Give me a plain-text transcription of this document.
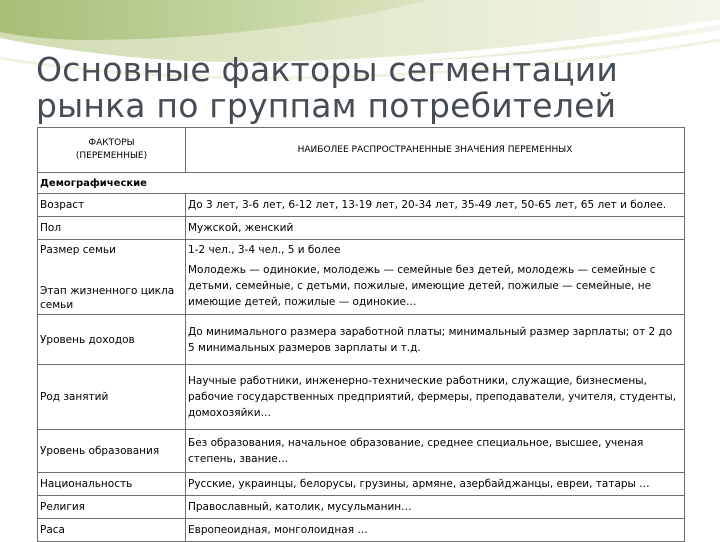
Основные факторы сегментации
рынка по группам потребителей
ФАКТОРЫ
(ПЕРЕМЕННЫЕ)	НАИБОЛЕЕ РАСПРОСТРАНЕННЫЕ ЗНАЧЕНИЯ ПЕРЕМЕННЫХ
Демографические	
Возраст	До 3 лет, 3-6 лет, 6-12 лет, 13-19 лет, 20-34 лет, 35-49 лет, 50-65 лет, 65 лет и более.
Пол	Мужской, женский
Размер семьи	1-2 чел., 3-4 чел., 5 и более
Этап жизненного цикла семьи	Молодежь — одинокие, молодежь — семейные без детей, молодежь — семейные с детьми, семейные, с детьми, пожилые, имеющие детей, пожилые — семейные, не имеющие детей, пожилые — одинокие…
Уровень доходов	До минимального размера заработной платы; минимальный размер зарплаты; от 2 до 5 минимальных размеров зарплаты и т.д.
Род занятий	Научные работники, инженерно-технические работники, служащие, бизнесмены, рабочие государственных предприятий, фермеры, преподаватели, учителя, студенты, домохозяйки…
Уровень образования	Без образования, начальное образование, среднее специальное, высшее, ученая степень, звание…
Национальность	Русские, украинцы, белорусы, грузины, армяне, азербайджанцы, евреи, татары …
Религия	Православный, католик, мусульманин…
Раса	Европеоидная, монголоидная …
